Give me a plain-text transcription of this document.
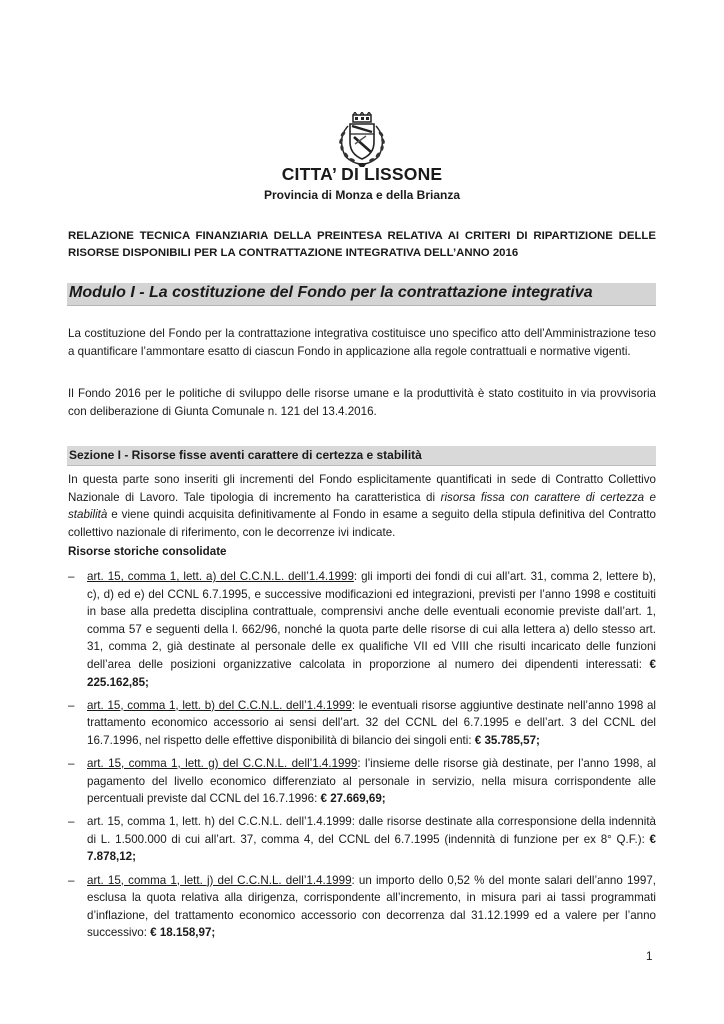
CITTA’ DI LISSONE
Provincia di Monza e della Brianza
RELAZIONE TECNICA FINANZIARIA DELLA PREINTESA RELATIVA AI CRITERI DI RIPARTIZIONE DELLE
RISORSE DISPONIBILI PER LA CONTRATTAZIONE INTEGRATIVA DELL’ANNO 2016
Modulo I - La costituzione del Fondo per la contrattazione integrativa

La costituzione del Fondo per la contrattazione integrativa costituisce uno specifico atto dell’Amministrazione teso a quantificare l’ammontare esatto di ciascun Fondo in applicazione alla regole contrattuali e normative vigenti.

Il Fondo 2016 per le politiche di sviluppo delle risorse umane e la produttività è stato costituito in via provvisoria con deliberazione di Giunta Comunale n. 121 del 13.4.2016.

Sezione I - Risorse fisse aventi carattere di certezza e stabilità

In questa parte sono inseriti gli incrementi del Fondo esplicitamente quantificati in sede di Contratto Collettivo Nazionale di Lavoro. Tale tipologia di incremento ha caratteristica di risorsa fissa con carattere di certezza e stabilità e viene quindi acquisita definitivamente al Fondo in esame a seguito della stipula definitiva del Contratto collettivo nazionale di riferimento, con le decorrenze ivi indicate.

Risorse storiche consolidate
– art. 15, comma 1, lett. a) del C.C.N.L. dell’1.4.1999: gli importi dei fondi di cui all’art. 31, comma 2, lettere b), c), d) ed e) del CCNL 6.7.1995, e successive modificazioni ed integrazioni, previsti per l’anno 1998 e costituiti in base alla predetta disciplina contrattuale, comprensivi anche delle eventuali economie previste dall’art. 1, comma 57 e seguenti della l. 662/96, nonché la quota parte delle risorse di cui alla lettera a) dello stesso art. 31, comma 2, già destinate al personale delle ex qualifiche VII ed VIII che risulti incaricato delle funzioni dell’area delle posizioni organizzative calcolata in proporzione al numero dei dipendenti interessati: € 225.162,85;
– art. 15, comma 1, lett. b) del C.C.N.L. dell’1.4.1999: le eventuali risorse aggiuntive destinate nell’anno 1998 al trattamento economico accessorio ai sensi dell’art. 32 del CCNL del 6.7.1995 e dell’art. 3 del CCNL del 16.7.1996, nel rispetto delle effettive disponibilità di bilancio dei singoli enti: € 35.785,57;
– art. 15, comma 1, lett. g) del C.C.N.L. dell’1.4.1999: l’insieme delle risorse già destinate, per l’anno 1998, al pagamento del livello economico differenziato al personale in servizio, nella misura corrispondente alle percentuali previste dal CCNL del 16.7.1996: € 27.669,69;
– art. 15, comma 1, lett. h) del C.C.N.L. dell’1.4.1999: dalle risorse destinate alla corresponsione della indennità di L. 1.500.000 di cui all’art. 37, comma 4, del CCNL del 6.7.1995 (indennità di funzione per ex 8° Q.F.): € 7.878,12;
– art. 15, comma 1, lett. j) del C.C.N.L. dell’1.4.1999: un importo dello 0,52 % del monte salari dell’anno 1997, esclusa la quota relativa alla dirigenza, corrispondente all’incremento, in misura pari ai tassi programmati d’inflazione, del trattamento economico accessorio con decorrenza dal 31.12.1999 ed a valere per l’anno successivo: € 18.158,97;
1
